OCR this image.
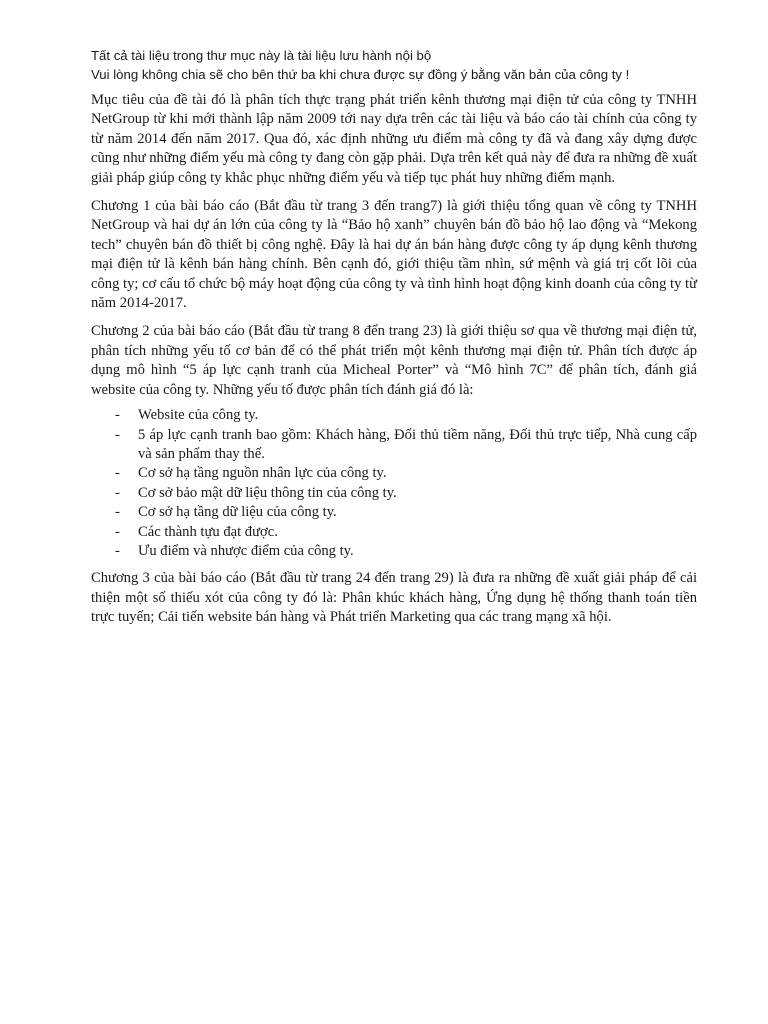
Tất cả tài liệu trong thư mục này là tài liệu lưu hành nội bộ
Vui lòng không chia sẽ cho bên thứ ba khi chưa được sự đồng ý bằng văn bản của công ty !

Mục tiêu của đề tài đó là phân tích thực trạng phát triển kênh thương mại điện tử của công ty TNHH NetGroup từ khi mới thành lập năm 2009 tới nay dựa trên các tài liệu và báo cáo tài chính của công ty từ năm 2014 đến năm 2017. Qua đó, xác định những ưu điểm mà công ty đã và đang xây dựng được cũng như những điểm yếu mà công ty đang còn gặp phải. Dựa trên kết quả này để đưa ra những đề xuất giải pháp giúp công ty khắc phục những điểm yếu và tiếp tục phát huy những điểm mạnh.

Chương 1 của bài báo cáo (Bắt đầu từ trang 3 đến trang7) là giới thiệu tổng quan về công ty TNHH NetGroup và hai dự án lớn của công ty là “Bảo hộ xanh” chuyên bán đồ bảo hộ lao động và “Mekong tech” chuyên bán đồ thiết bị công nghệ. Đây là hai dự án bán hàng được công ty áp dụng kênh thương mại điện tử là kênh bán hàng chính. Bên cạnh đó, giới thiệu tầm nhìn, sứ mệnh và giá trị cốt lõi của công ty; cơ cấu tổ chức bộ máy hoạt động của công ty và tình hình hoạt động kinh doanh của công ty từ năm 2014-2017.

Chương 2 của bài báo cáo (Bắt đầu từ trang 8 đến trang 23) là giới thiệu sơ qua về thương mại điện tử, phân tích những yếu tố cơ bản để có thể phát triển một kênh thương mại điện tử. Phân tích được áp dụng mô hình “5 áp lực cạnh tranh của Micheal Porter” và “Mô hình 7C” để phân tích, đánh giá website của công ty. Những yếu tố được phân tích đánh giá đó là:

- Website của công ty.
- 5 áp lực cạnh tranh bao gồm: Khách hàng, Đối thủ tiềm năng, Đối thủ trực tiếp, Nhà cung cấp và sản phẩm thay thế.
- Cơ sở hạ tầng nguồn nhân lực của công ty.
- Cơ sở bảo mật dữ liệu thông tin của công ty.
- Cơ sở hạ tầng dữ liệu của công ty.
- Các thành tựu đạt được.
- Ưu điểm và nhược điểm của công ty.

Chương 3 của bài báo cáo (Bắt đầu từ trang 24 đến trang 29) là đưa ra những đề xuất giải pháp để cải thiện một số thiếu xót của công ty đó là: Phân khúc khách hàng, Ứng dụng hệ thống thanh toán tiền trực tuyến; Cải tiến website bán hàng và Phát triển Marketing qua các trang mạng xã hội.
